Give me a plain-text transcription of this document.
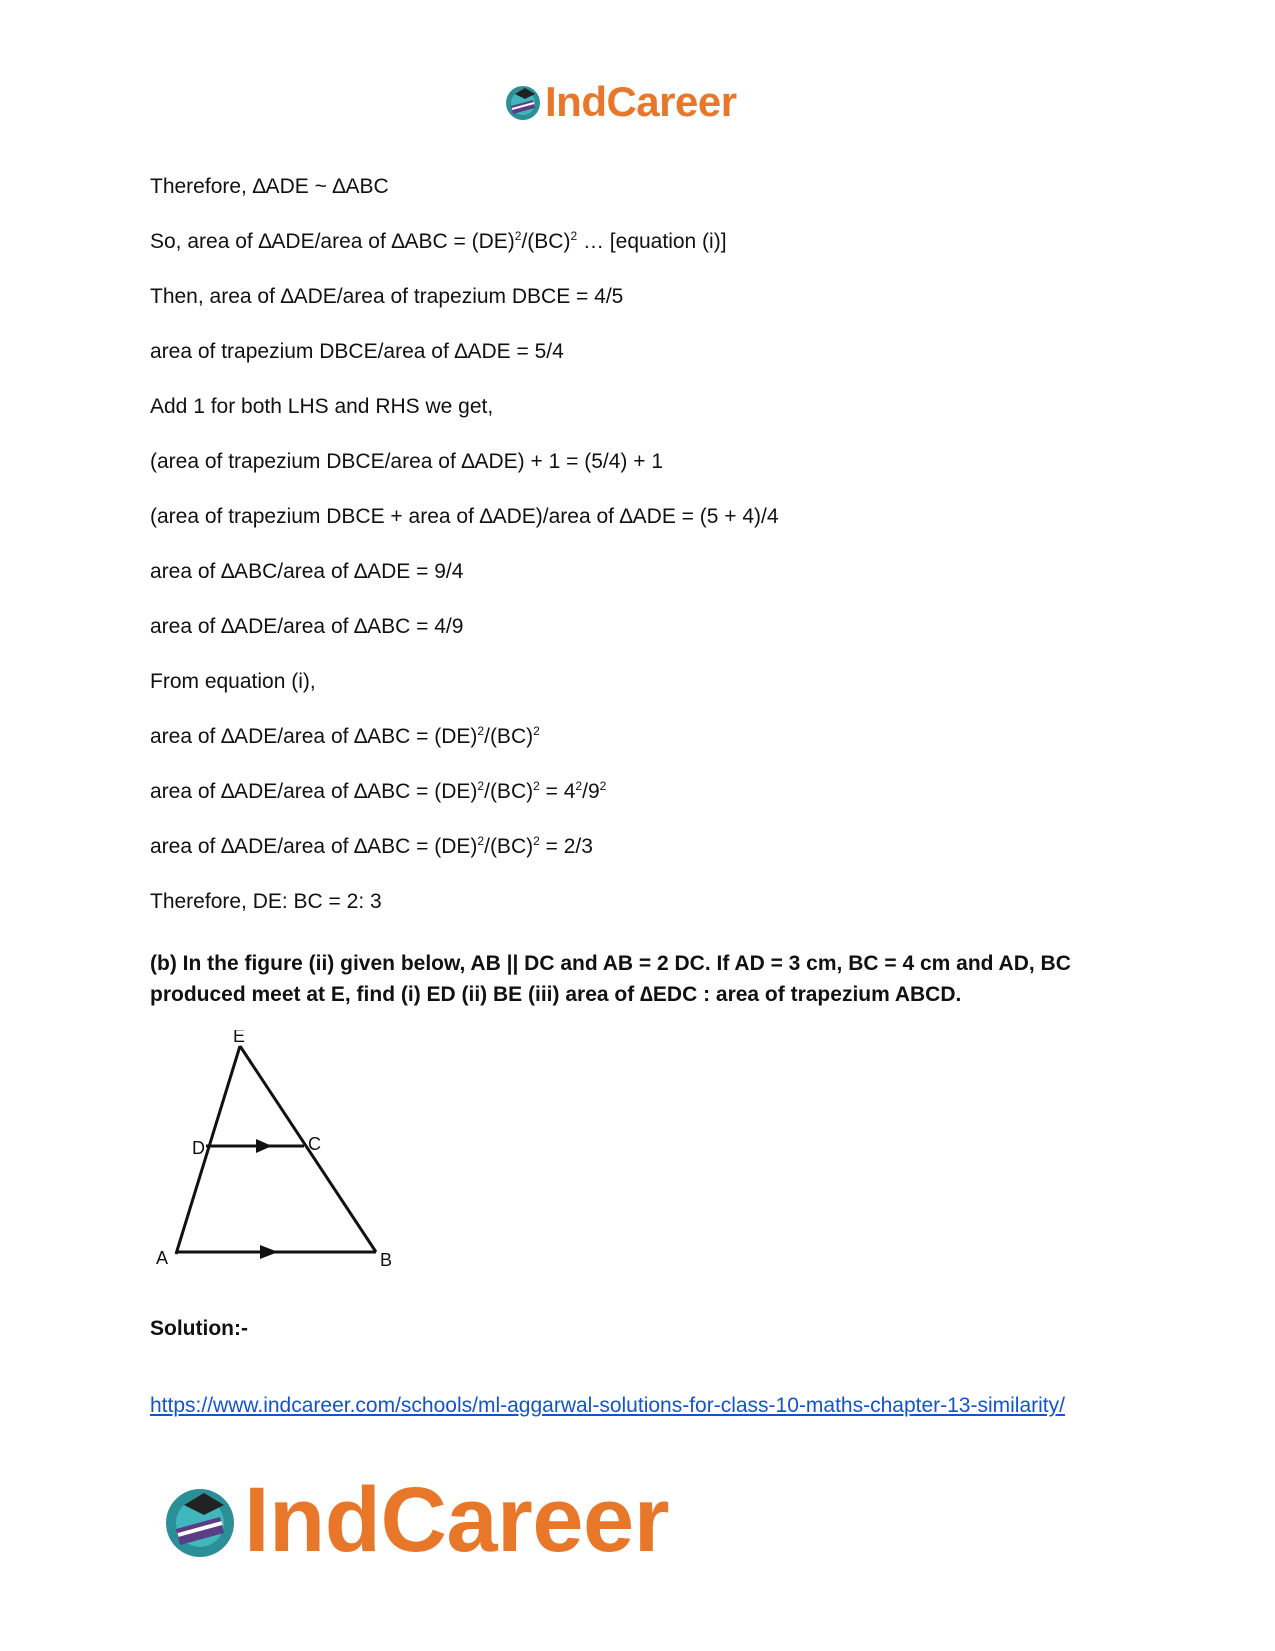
IndCareer
Therefore, ∆ADE ~ ∆ABC
So, area of ∆ADE/area of ∆ABC = (DE)$^2$/(BC)$^2$ … [equation (i)]
Then, area of ∆ADE/area of trapezium DBCE = 4/5
area of trapezium DBCE/area of ∆ADE = 5/4
Add 1 for both LHS and RHS we get,
(area of trapezium DBCE/area of ∆ADE) + 1 = (5/4) + 1
(area of trapezium DBCE + area of ∆ADE)/area of ∆ADE = (5 + 4)/4
area of ∆ABC/area of ∆ADE = 9/4
area of ∆ADE/area of ∆ABC = 4/9
From equation (i),
area of ∆ADE/area of ∆ABC = (DE)$^2$/(BC)$^2$
area of ∆ADE/area of $\Delta ABC = (DE)^2/(BC)^2 = 4^2/9^2$
area of ∆ADE/area of ∆ABC = (DE)$^2$/(BC)$^2$ = 2/3
Therefore, DE: BC = 2: 3
(b) In the figure (ii) given below, AB || DC and AB = 2 DC. If AD = 3 cm, BC = 4 cm and AD, BC produced meet at E, find (i) ED (ii) BE (iii) area of ∆EDC : area of trapezium ABCD.
E
D	C
A	B
Solution:-
https://www.indcareer.com/schools/ml-aggarwal-solutions-for-class-10-maths-chapter-13-similarity/
IndCareer
